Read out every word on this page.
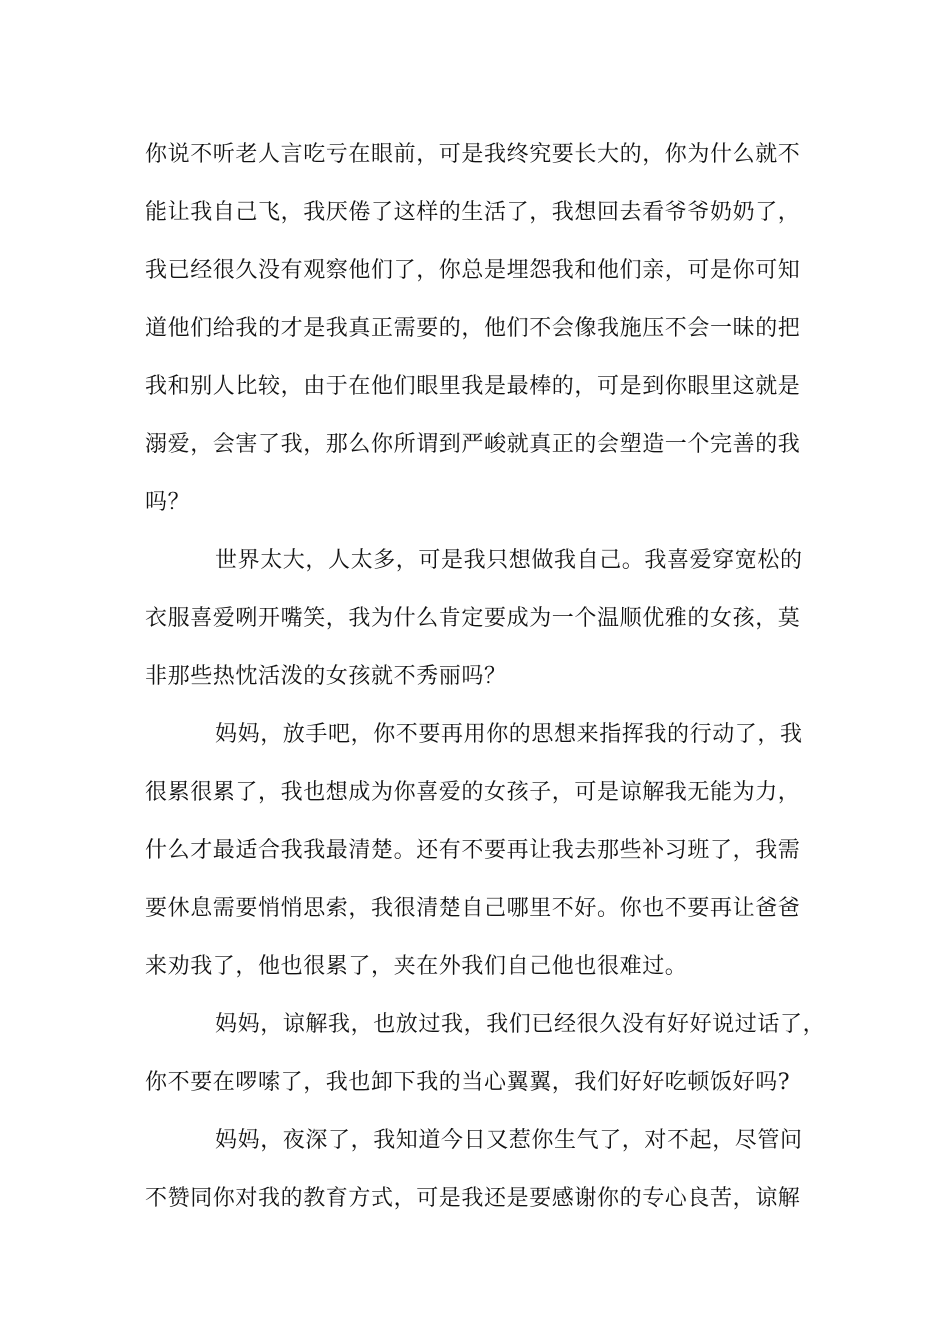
你说不听老人言吃亏在眼前，可是我终究要长大的，你为什么就不
能让我自己飞，我厌倦了这样的生活了，我想回去看爷爷奶奶了，
我已经很久没有观察他们了，你总是埋怨我和他们亲，可是你可知
道他们给我的才是我真正需要的，他们不会像我施压不会一昧的把
我和别人比较，由于在他们眼里我是最棒的，可是到你眼里这就是
溺爱，会害了我，那么你所谓到严峻就真正的会塑造一个完善的我
吗？
世界太大，人太多，可是我只想做我自己。我喜爱穿宽松的
衣服喜爱咧开嘴笑，我为什么肯定要成为一个温顺优雅的女孩，莫
非那些热忱活泼的女孩就不秀丽吗？
妈妈，放手吧，你不要再用你的思想来指挥我的行动了，我
很累很累了，我也想成为你喜爱的女孩子，可是谅解我无能为力，
什么才最适合我我最清楚。还有不要再让我去那些补习班了，我需
要休息需要悄悄思索，我很清楚自己哪里不好。你也不要再让爸爸
来劝我了，他也很累了，夹在外我们自己他也很难过。
妈妈，谅解我，也放过我，我们已经很久没有好好说过话了，
你不要在啰嗦了，我也卸下我的当心翼翼，我们好好吃顿饭好吗?
妈妈，夜深了，我知道今日又惹你生气了，对不起，尽管问
不赞同你对我的教育方式，可是我还是要感谢你的专心良苦，谅解
